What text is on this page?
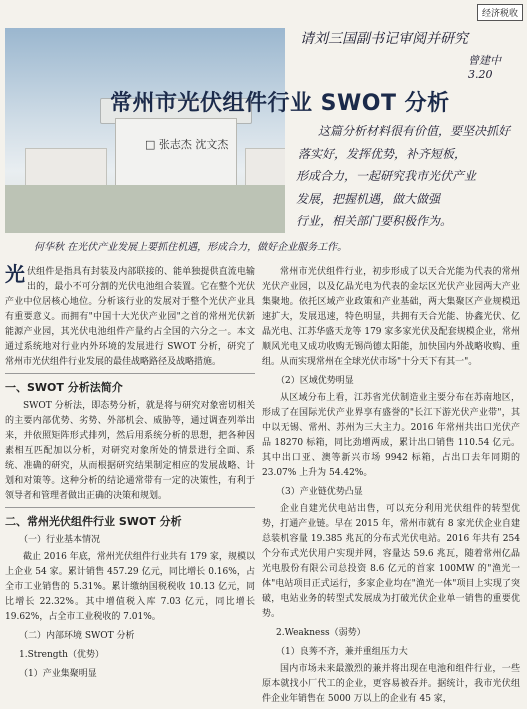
经济税收
常州市光伏组件行业 SWOT 分析
□ 张志杰 沈文杰
请刘三国副书记审阅并研究
曾建中 3.20
这篇分析材料很有价值，要坚决抓好
落实好，发挥优势，补齐短板，
形成合力，一起研究我市光伏产业
发展，把握机遇，做大做强
行业，相关部门要积极作为。
何华秋 在光伏产业发展上要抓住机遇，形成合力，做好企业服务工作。

光伏组件是指具有封装及内部联接的、能单独提供直流电输出的，最小不可分割的光伏电池组合装置。它在整个光伏产业中位居核心地位。分析该行业的发展对于整个光伏产业具有重要意义。而拥有"中国十大光伏产业园"之首的常州光伏新能源产业园，其光伏电池组件产量约占全国的六分之一。本文通过系统地对行业内外环境的发展进行 SWOT 分析，研究了常州市光伏组件行业发展的最佳战略路径及战略措施。

一、SWOT 分析法简介

SWOT 分析法，即态势分析，就是将与研究对象密切相关的主要内部优势、劣势、外部机会、威胁等，通过调查列举出来，并依照矩阵形式排列，然后用系统分析的思想，把各种因素相互匹配加以分析，对研究对象所处的情景进行全面、系统、准确的研究，从而根据研究结果制定相应的发展战略、计划和对策等。这种分析的结论通常带有一定的决策性，有利于领导者和管理者做出正确的决策和规划。

二、常州光伏组件行业 SWOT 分析

（一）行业基本情况

截止 2016 年底，常州光伏组件行业共有 179 家，规模以上企业 54 家。累计销售 457.29 亿元，同比增长 0.16%，占全市工业销售的 5.31%。累计缴纳国税税收 10.13 亿元，同比增长 22.32%。其中增值税入库 7.03 亿元，同比增长 19.62%，占全市工业税收的 7.01%。

（二）内部环境 SWOT 分析

1.Strength（优势）

（1）产业集聚明显

常州市光伏组件行业，初步形成了以天合光能为代表的常州光伏产业园，以及亿晶光电为代表的金坛区光伏产业园两大产业集聚地。依托区域产业政策和产业基础，两大集聚区产业规模迅速扩大，发展迅速，特色明显，共拥有天合光能、协鑫光伏、亿晶光电、江苏华盛天龙等 179 家多家光伏及配套规模企业，常州顺风光电又成功收购无锡尚德太阳能，加快国内外战略收购、重组。从而实现常州在全球光伏市场"十分天下有其一"。

（2）区域优势明显

从区域分布上看，江苏省光伏制造业主要分布在苏南地区，形成了在国际光伏产业界享有盛誉的"长江下游光伏产业带"，其中以无锡、常州、苏州为三大主力。2016 年常州共出口光伏产品 18270 标箱，同比劲增两成，累计出口销售 110.54 亿元。其中出口亚、澳等新兴市场 9942 标箱，占出口去年同期的 23.07% 上升为 54.42%。

（3）产业链优势凸显

企业自建光伏电站出售，可以充分利用光伏组件的转型优势，打通产业链。早在 2015 年，常州市就有 8 家光伏企业自建总装机容量 19.385 兆瓦的分布式光伏电站。2016 年共有 254 个分布式光伏用户实现并网，容量达 59.6 兆瓦，随着常州亿晶光电股份有限公司总投资 8.6 亿元的首家 100MW 的"渔光一体"电站项目正式运行，多家企业均在"渔光一体"项目上实现了突破，电站业务的转型式发展成为打破光伏企业单一销售的重要优势。

2.Weakness（弱势）

（1）良莠不齐，兼并重组压力大

国内市场未来最激烈的兼并将出现在电池和组件行业，一些原本就找小厂代工的企业，更容易被吞并。据统计，我市光伏组件企业年销售在 5000 万以上的企业有 45 家，
